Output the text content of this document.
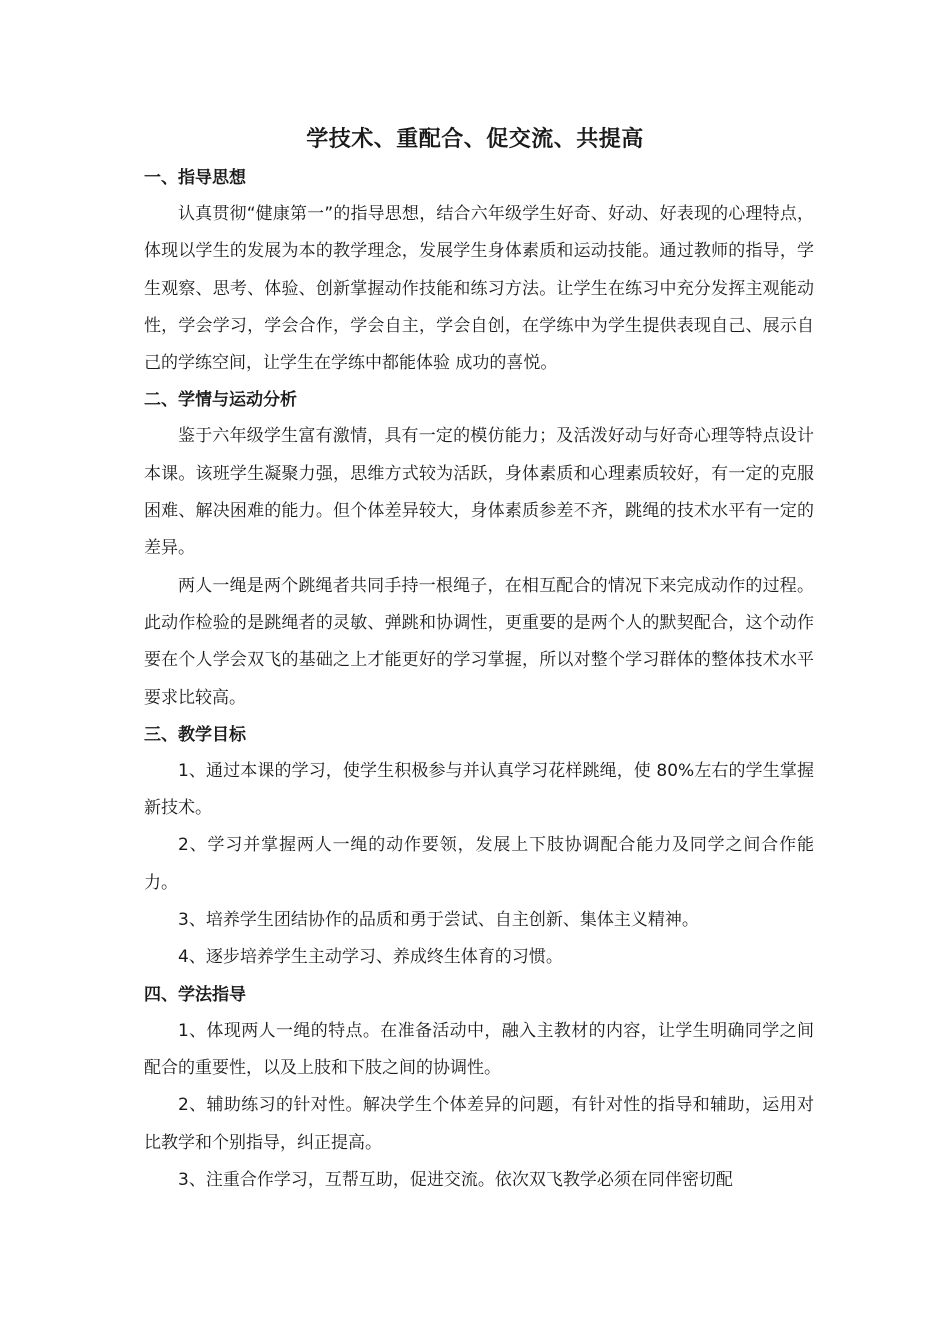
学技术、重配合、促交流、共提高
一、指导思想

认真贯彻“健康第一”的指导思想，结合六年级学生好奇、好动、好表现的心理特点，体现以学生的发展为本的教学理念，发展学生身体素质和运动技能。通过教师的指导，学生观察、思考、体验、创新掌握动作技能和练习方法。让学生在练习中充分发挥主观能动性，学会学习，学会合作，学会自主，学会自创，在学练中为学生提供表现自己、展示自己的学练空间，让学生在学练中都能体验 成功的喜悦。

二、学情与运动分析

鉴于六年级学生富有激情，具有一定的模仿能力；及活泼好动与好奇心理等特点设计本课。该班学生凝聚力强，思维方式较为活跃，身体素质和心理素质较好，有一定的克服困难、解决困难的能力。但个体差异较大，身体素质参差不齐，跳绳的技术水平有一定的差异。

两人一绳是两个跳绳者共同手持一根绳子，在相互配合的情况下来完成动作的过程。此动作检验的是跳绳者的灵敏、弹跳和协调性，更重要的是两个人的默契配合，这个动作要在个人学会双飞的基础之上才能更好的学习掌握，所以对整个学习群体的整体技术水平要求比较高。

三、教学目标

1、通过本课的学习，使学生积极参与并认真学习花样跳绳，使 80%左右的学生掌握新技术。

2、学习并掌握两人一绳的动作要领，发展上下肢协调配合能力及同学之间合作能力。

3、培养学生团结协作的品质和勇于尝试、自主创新、集体主义精神。

4、逐步培养学生主动学习、养成终生体育的习惯。

四、学法指导

1、体现两人一绳的特点。在准备活动中，融入主教材的内容，让学生明确同学之间配合的重要性，以及上肢和下肢之间的协调性。

2、辅助练习的针对性。解决学生个体差异的问题，有针对性的指导和辅助，运用对比教学和个别指导，纠正提高。

3、注重合作学习，互帮互助，促进交流。依次双飞教学必须在同伴密切配
